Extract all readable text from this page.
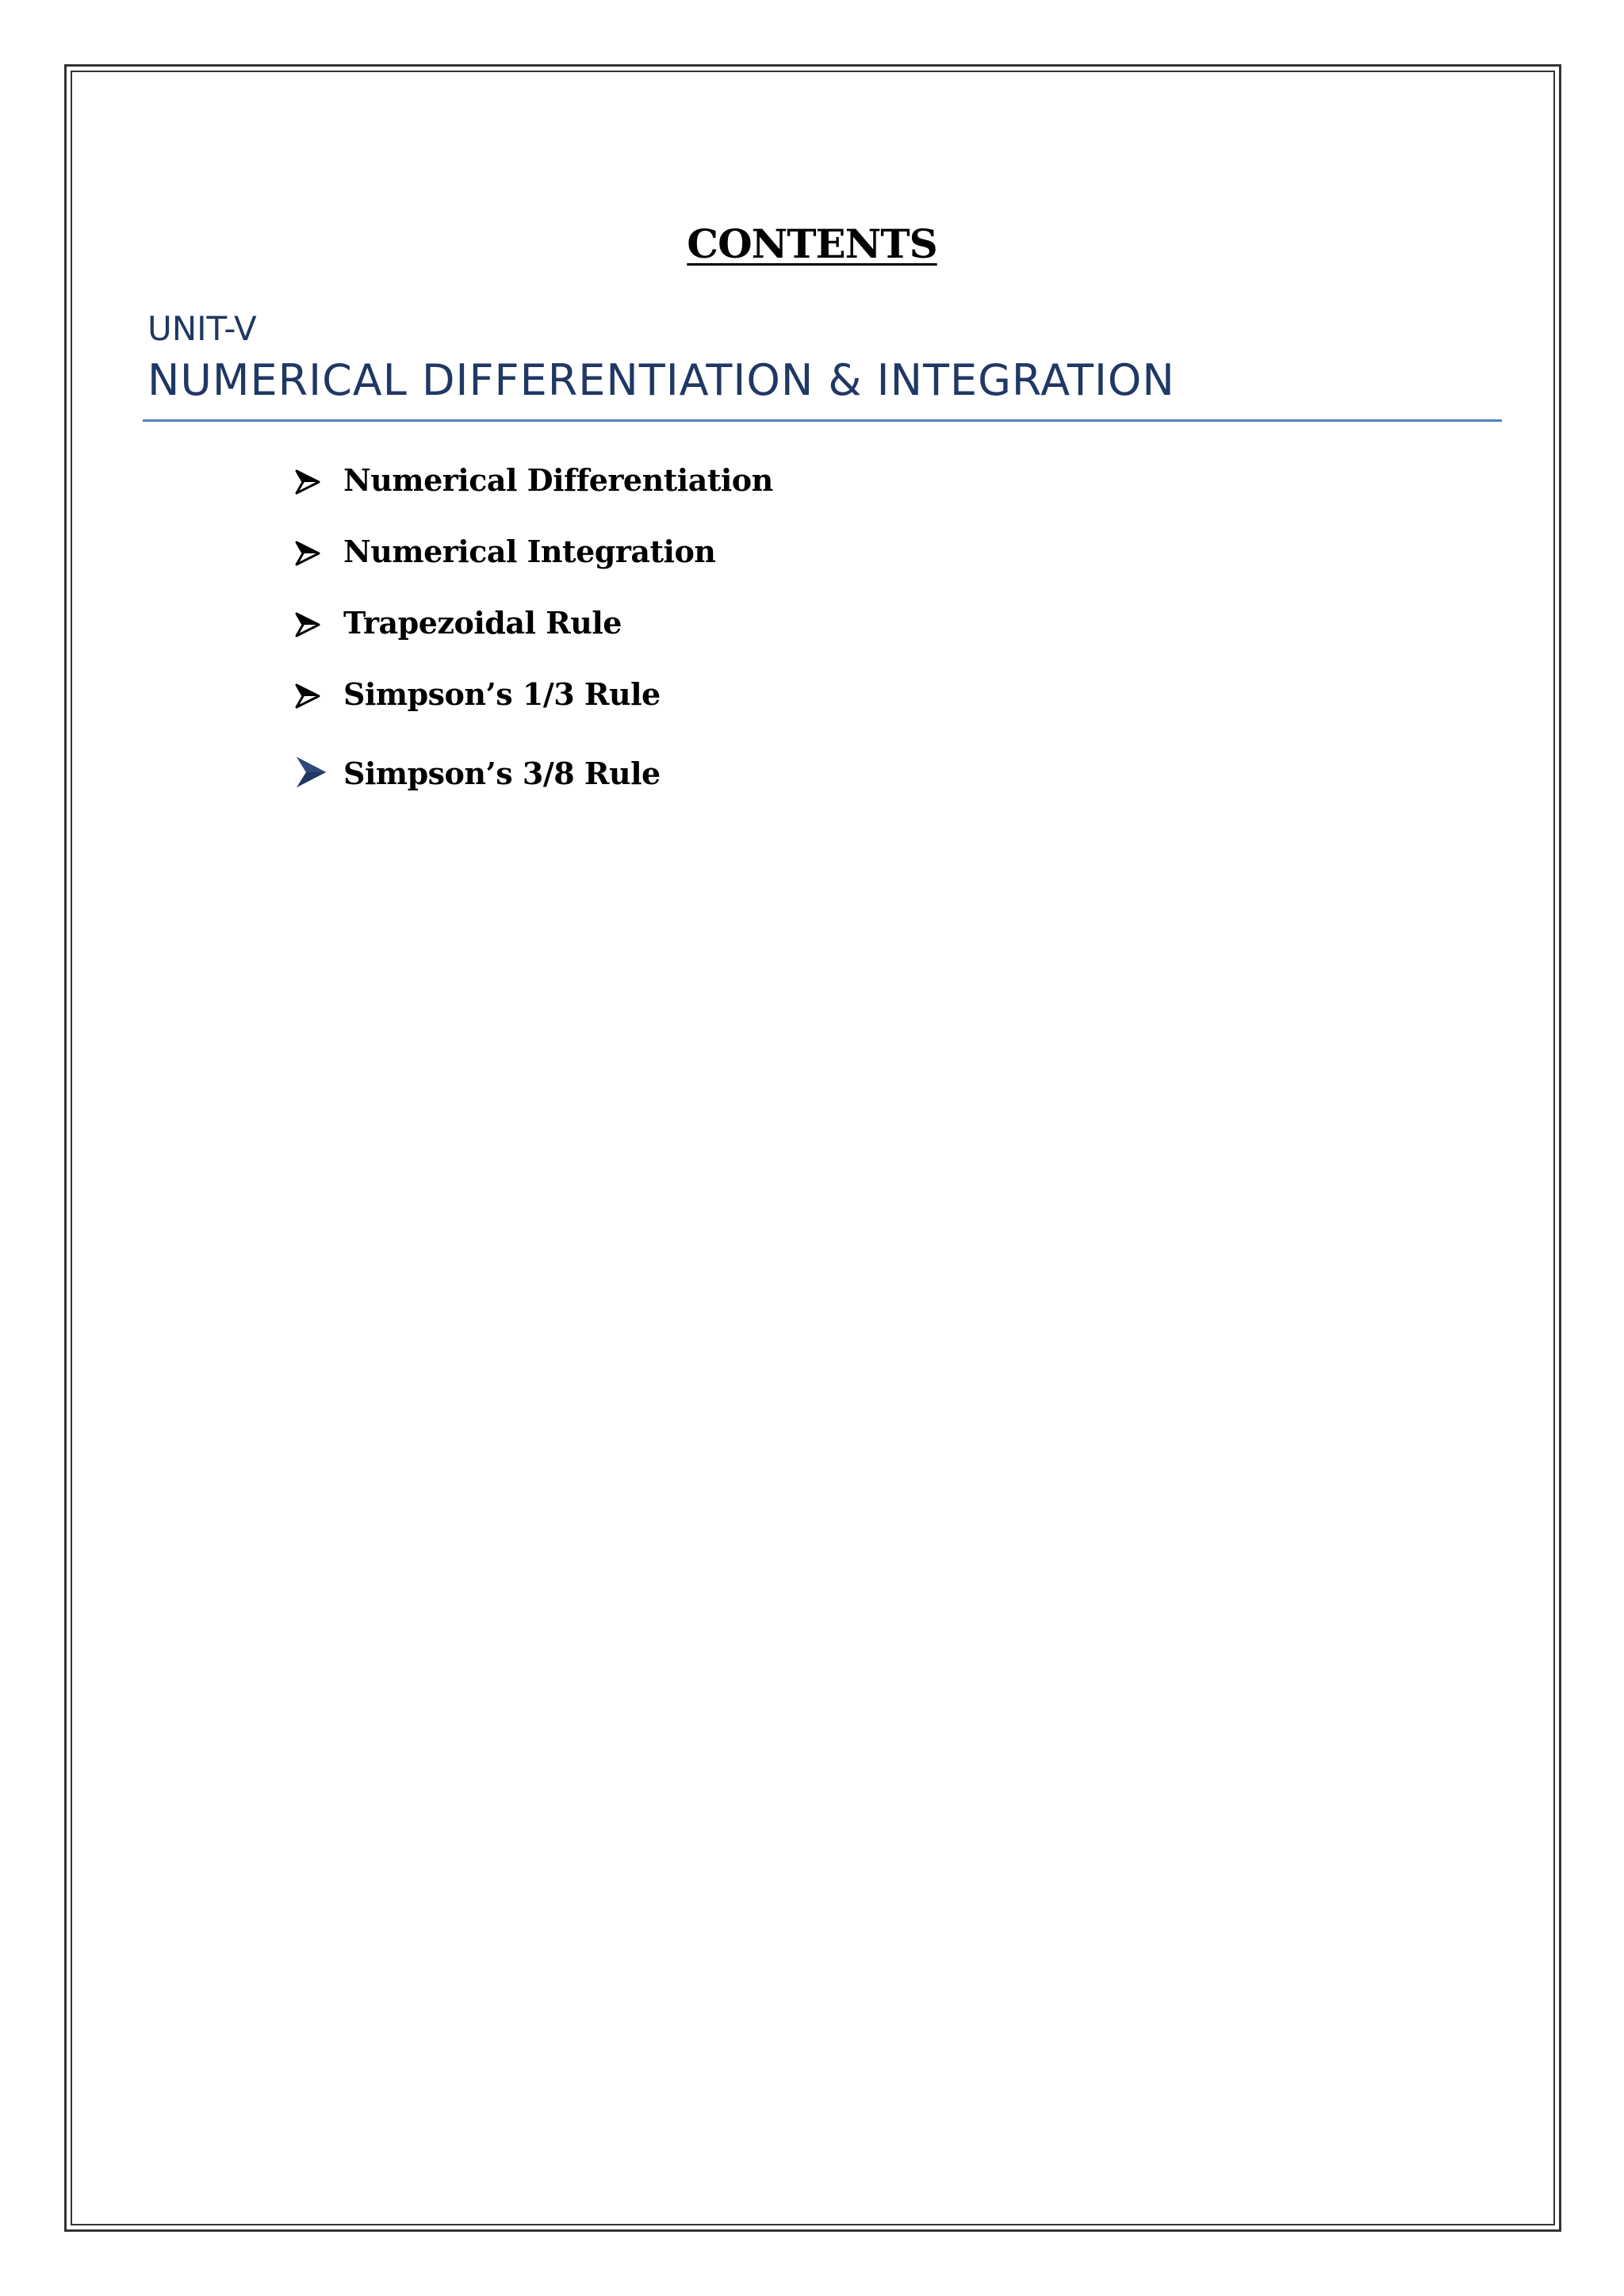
CONTENTS
UNIT-V
NUMERICAL DIFFERENTIATION & INTEGRATION
Numerical Differentiation
Numerical Integration
Trapezoidal Rule
Simpson’s 1/3 Rule
Simpson’s 3/8 Rule
